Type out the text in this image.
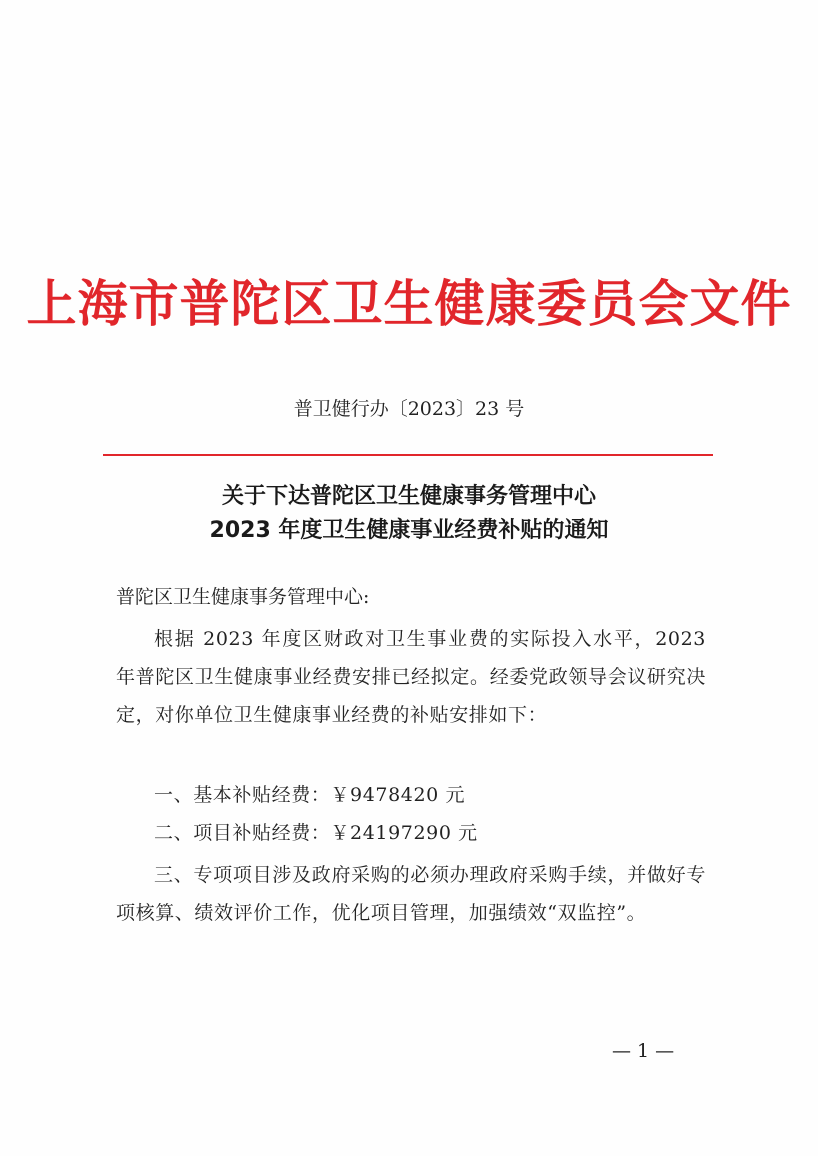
上海市普陀区卫生健康委员会文件
普卫健行办〔2023〕23 号
关于下达普陀区卫生健康事务管理中心
2023 年度卫生健康事业经费补贴的通知
普陀区卫生健康事务管理中心:
根据 2023 年度区财政对卫生事业费的实际投入水平，2023 年普陀区卫生健康事业经费安排已经拟定。经委党政领导会议研究决定，对你单位卫生健康事业经费的补贴安排如下：
一、基本补贴经费：￥9478420 元
二、项目补贴经费：￥24197290 元
三、专项项目涉及政府采购的必须办理政府采购手续，并做好专项核算、绩效评价工作，优化项目管理，加强绩效“双监控”。
— 1 —
